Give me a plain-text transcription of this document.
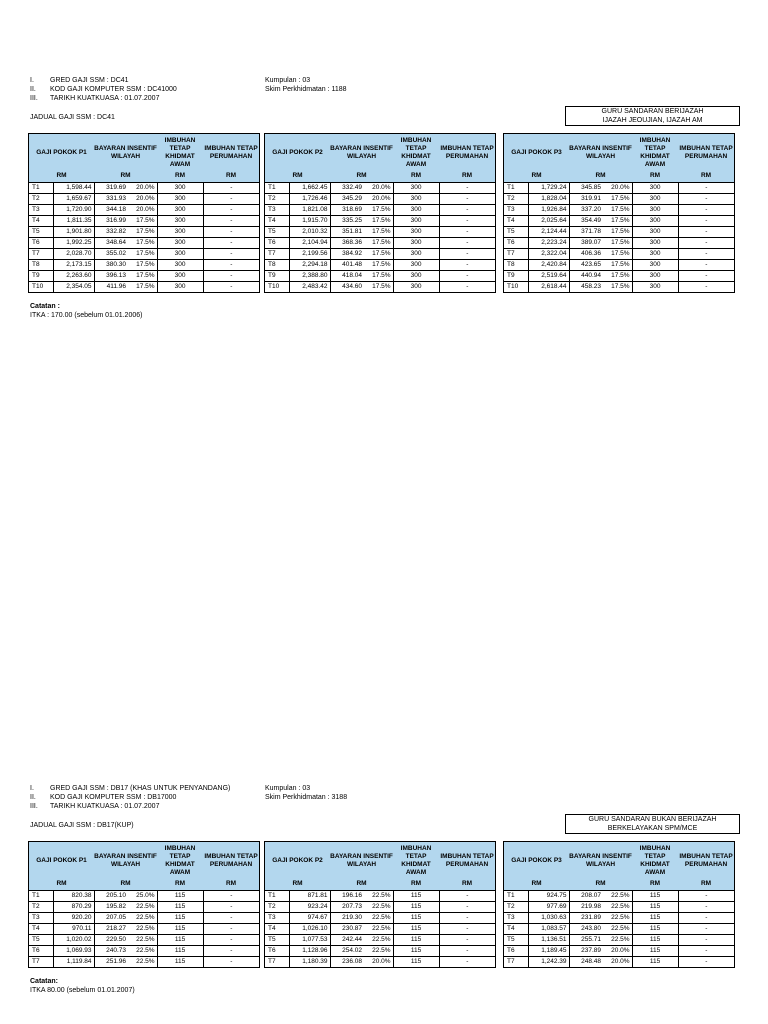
I. GRED GAJI SSM : DC41
II. KOD GAJI KOMPUTER SSM : DC41000
III. TARIKH KUATKUASA : 01.07.2007
Kumpulan : 03
Skim Perkhidmatan : 1188
GURU SANDARAN BERIJAZAH
IJAZAH JEOUJIAN, IJAZAH AM
JADUAL GAJI SSM : DC41
GAJI POKOK P1		BAYARAN INSENTIF WILAYAH		IMBUHAN TETAP KHIDMAT AWAM	IMBUHAN TETAP PERUMAHAN
RM		RM		RM	RM
T1	1,598.44	319.69	20.0%	300	-
T2	1,659.67	331.93	20.0%	300	-
T3	1,720.90	344.18	20.0%	300	-
T4	1,811.35	316.99	17.5%	300	-
T5	1,901.80	332.82	17.5%	300	-
T6	1,992.25	348.64	17.5%	300	-
T7	2,028.70	355.02	17.5%	300	-
T8	2,173.15	380.30	17.5%	300	-
T9	2,263.60	396.13	17.5%	300	-
T10	2,354.05	411.96	17.5%	300	-
GAJI POKOK P2		BAYARAN INSENTIF WILAYAH		IMBUHAN TETAP KHIDMAT AWAM	IMBUHAN TETAP PERUMAHAN
RM		RM		RM	RM
T1	1,662.45	332.49	20.0%	300	-
T2	1,726.46	345.29	20.0%	300	-
T3	1,821.08	318.69	17.5%	300	-
T4	1,915.70	335.25	17.5%	300	-
T5	2,010.32	351.81	17.5%	300	-
T6	2,104.94	368.36	17.5%	300	-
T7	2,199.56	384.92	17.5%	300	-
T8	2,294.18	401.48	17.5%	300	-
T9	2,388.80	418.04	17.5%	300	-
T10	2,483.42	434.60	17.5%	300	-
GAJI POKOK P3		BAYARAN INSENTIF WILAYAH		IMBUHAN TETAP KHIDMAT AWAM	IMBUHAN TETAP PERUMAHAN
RM		RM		RM	RM
T1	1,729.24	345.85	20.0%	300	-
T2	1,828.04	319.91	17.5%	300	-
T3	1,926.84	337.20	17.5%	300	-
T4	2,025.64	354.49	17.5%	300	-
T5	2,124.44	371.78	17.5%	300	-
T6	2,223.24	389.07	17.5%	300	-
T7	2,322.04	406.36	17.5%	300	-
T8	2,420.84	423.65	17.5%	300	-
T9	2,519.64	440.94	17.5%	300	-
T10	2,618.44	458.23	17.5%	300	-
Catatan :
ITKA : 170.00 (sebelum 01.01.2006)
I. GRED GAJI SSM : DB17 (KHAS UNTUK PENYANDANG)
II. KOD GAJI KOMPUTER SSM : DB17000
III. TARIKH KUATKUASA : 01.07.2007
Kumpulan : 03
Skim Perkhidmatan : 3188
GURU SANDARAN BUKAN BERIJAZAH
BERKELAYAKAN SPM/MCE
JADUAL GAJI SSM : DB17(KUP)
GAJI POKOK P1		BAYARAN INSENTIF WILAYAH		IMBUHAN TETAP KHIDMAT AWAM	IMBUHAN TETAP PERUMAHAN
RM		RM		RM	RM
T1	820.38	205.10	25.0%	115	-
T2	870.29	195.82	22.5%	115	-
T3	920.20	207.05	22.5%	115	-
T4	970.11	218.27	22.5%	115	-
T5	1,020.02	229.50	22.5%	115	-
T6	1,069.93	240.73	22.5%	115	-
T7	1,119.84	251.96	22.5%	115	-
GAJI POKOK P2		BAYARAN INSENTIF WILAYAH		IMBUHAN TETAP KHIDMAT AWAM	IMBUHAN TETAP PERUMAHAN
RM		RM		RM	RM
T1	871.81	196.16	22.5%	115	-
T2	923.24	207.73	22.5%	115	-
T3	974.67	219.30	22.5%	115	-
T4	1,026.10	230.87	22.5%	115	-
T5	1,077.53	242.44	22.5%	115	-
T6	1,128.96	254.02	22.5%	115	-
T7	1,180.39	236.08	20.0%	115	-
GAJI POKOK P3		BAYARAN INSENTIF WILAYAH		IMBUHAN TETAP KHIDMAT AWAM	IMBUHAN TETAP PERUMAHAN
RM		RM		RM	RM
T1	924.75	208.07	22.5%	115	-
T2	977.69	219.98	22.5%	115	-
T3	1,030.63	231.89	22.5%	115	-
T4	1,083.57	243.80	22.5%	115	-
T5	1,136.51	255.71	22.5%	115	-
T6	1,189.45	237.89	20.0%	115	-
T7	1,242.39	248.48	20.0%	115	-
Catatan:
ITKA 80.00 (sebelum 01.01.2007)
